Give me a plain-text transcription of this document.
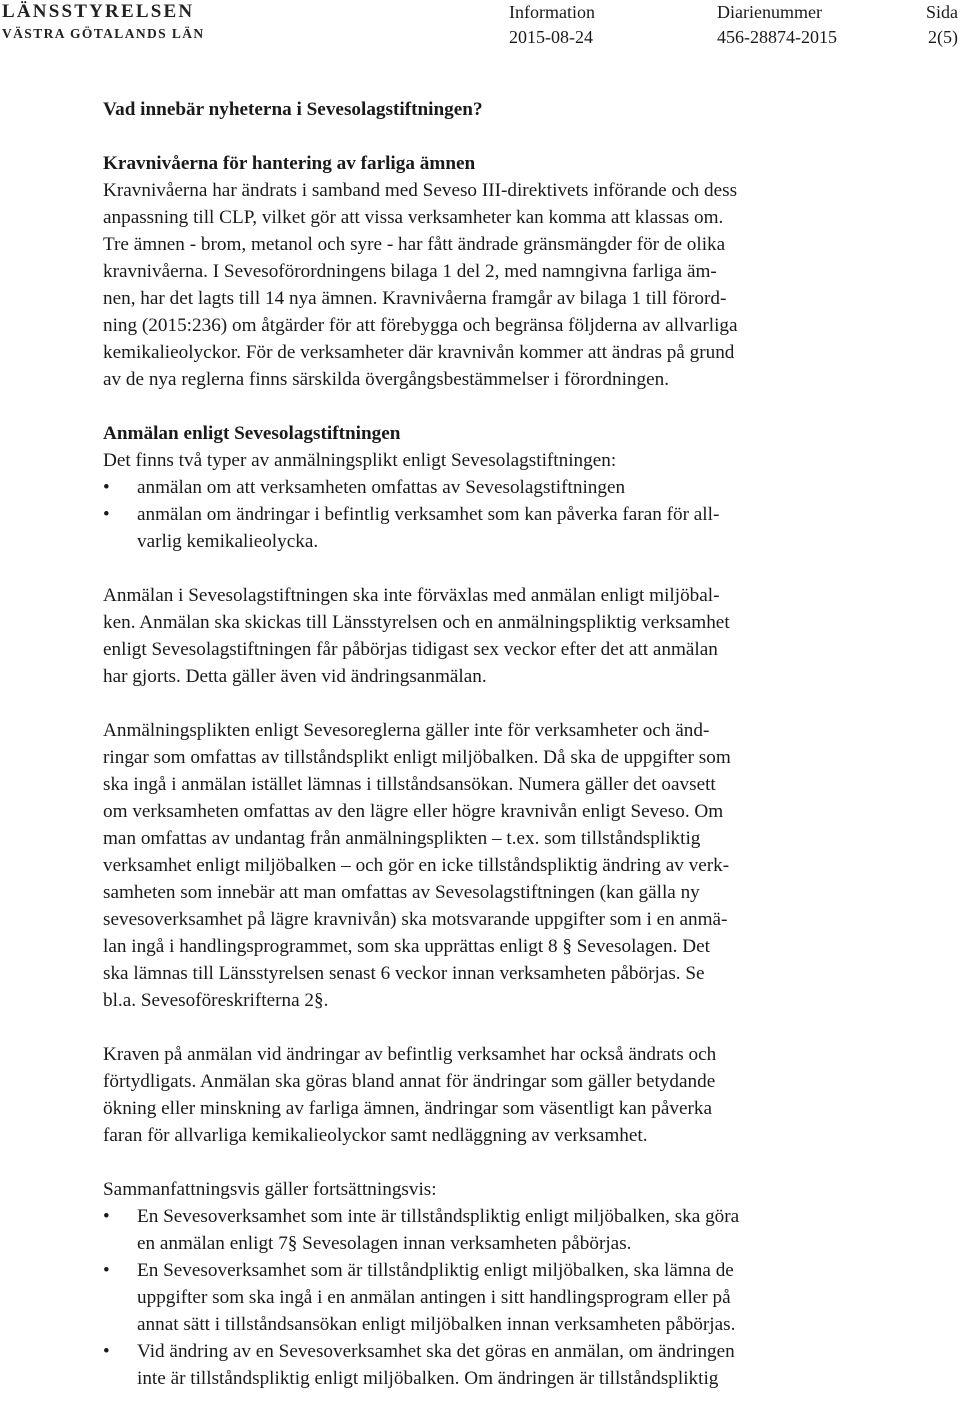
LÄNSSTYRELSEN
VÄSTRA GÖTALANDS LÄN
Information
2015-08-24
Diarienummer
456-28874-2015
Sida
2(5)

Vad innebär nyheterna i Sevesolagstiftningen?

Kravnivåerna för hantering av farliga ämnen

Kravnivåerna har ändrats i samband med Seveso III-direktivets införande och dess
anpassning till CLP, vilket gör att vissa verksamheter kan komma att klassas om.
Tre ämnen - brom, metanol och syre - har fått ändrade gränsmängder för de olika
kravnivåerna. I Sevesoförordningens bilaga 1 del 2, med namngivna farliga äm-
nen, har det lagts till 14 nya ämnen. Kravnivåerna framgår av bilaga 1 till förord-
ning (2015:236) om åtgärder för att förebygga och begränsa följderna av allvarliga
kemikalieolyckor. För de verksamheter där kravnivån kommer att ändras på grund
av de nya reglerna finns särskilda övergångsbestämmelser i förordningen.

Anmälan enligt Sevesolagstiftningen

Det finns två typer av anmälningsplikt enligt Sevesolagstiftningen:

• anmälan om att verksamheten omfattas av Sevesolagstiftningen
• anmälan om ändringar i befintlig verksamhet som kan påverka faran för all-
varlig kemikalieolycka.

Anmälan i Sevesolagstiftningen ska inte förväxlas med anmälan enligt miljöbal-
ken. Anmälan ska skickas till Länsstyrelsen och en anmälningspliktig verksamhet
enligt Sevesolagstiftningen får påbörjas tidigast sex veckor efter det att anmälan
har gjorts. Detta gäller även vid ändringsanmälan.

Anmälningsplikten enligt Sevesoreglerna gäller inte för verksamheter och änd-
ringar som omfattas av tillståndsplikt enligt miljöbalken. Då ska de uppgifter som
ska ingå i anmälan istället lämnas i tillståndsansökan. Numera gäller det oavsett
om verksamheten omfattas av den lägre eller högre kravnivån enligt Seveso. Om
man omfattas av undantag från anmälningsplikten – t.ex. som tillståndspliktig
verksamhet enligt miljöbalken – och gör en icke tillståndspliktig ändring av verk-
samheten som innebär att man omfattas av Sevesolagstiftningen (kan gälla ny
sevesoverksamhet på lägre kravnivån) ska motsvarande uppgifter som i en anmä-
lan ingå i handlingsprogrammet, som ska upprättas enligt 8 § Sevesolagen. Det
ska lämnas till Länsstyrelsen senast 6 veckor innan verksamheten påbörjas. Se
bl.a. Sevesoföreskrifterna 2§.

Kraven på anmälan vid ändringar av befintlig verksamhet har också ändrats och
förtydligats. Anmälan ska göras bland annat för ändringar som gäller betydande
ökning eller minskning av farliga ämnen, ändringar som väsentligt kan påverka
faran för allvarliga kemikalieolyckor samt nedläggning av verksamhet.

Sammanfattningsvis gäller fortsättningsvis:

• En Sevesoverksamhet som inte är tillståndspliktig enligt miljöbalken, ska göra
en anmälan enligt 7§ Sevesolagen innan verksamheten påbörjas.
• En Sevesoverksamhet som är tillståndpliktig enligt miljöbalken, ska lämna de
uppgifter som ska ingå i en anmälan antingen i sitt handlingsprogram eller på
annat sätt i tillståndsansökan enligt miljöbalken innan verksamheten påbörjas.
• Vid ändring av en Sevesoverksamhet ska det göras en anmälan, om ändringen
inte är tillståndspliktig enligt miljöbalken. Om ändringen är tillståndspliktig
